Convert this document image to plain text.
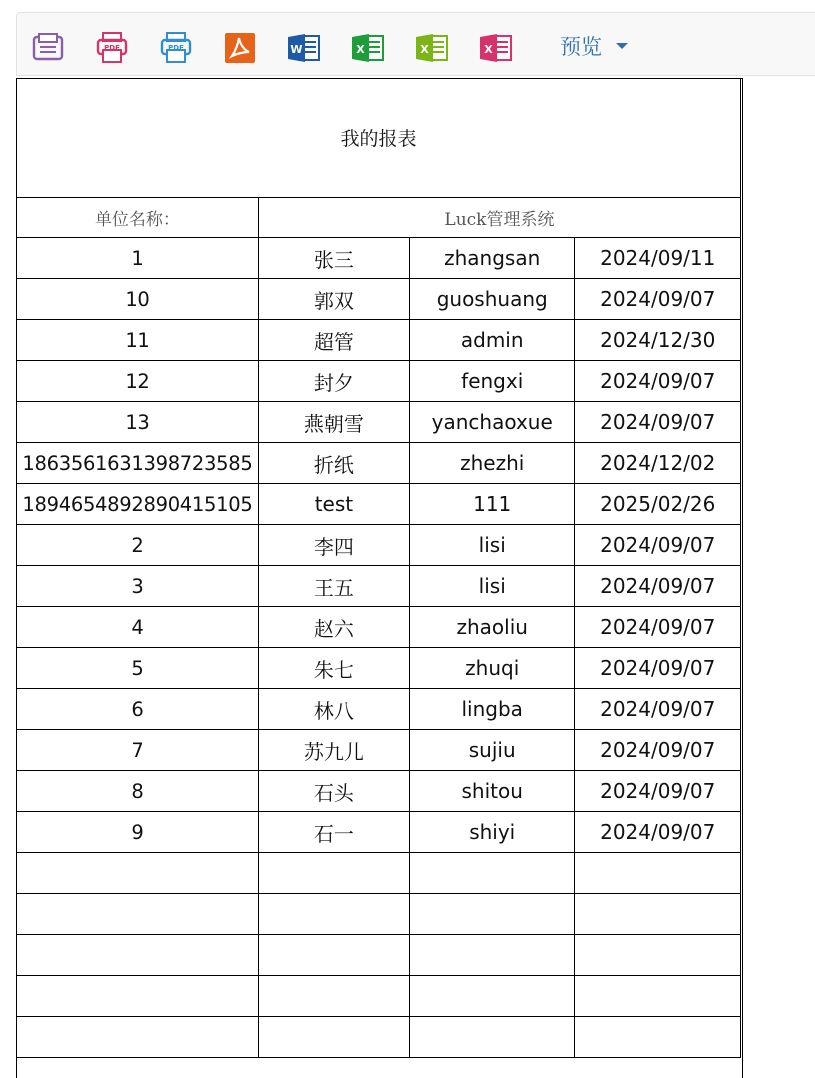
PDF	PDF	W	X	X	X	预览
我的报表			
单位名称：	Luck管理系统		
1	张三	zhangsan	2024/09/11
10	郭双	guoshuang	2024/09/07
11	超管	admin	2024/12/30
12	封夕	fengxi	2024/09/07
13	燕朝雪	yanchaoxue	2024/09/07
1863561631398723585	折纸	zhezhi	2024/12/02
1894654892890415105	test	111	2025/02/26
2	李四	lisi	2024/09/07
3	王五	lisi	2024/09/07
4	赵六	zhaoliu	2024/09/07
5	朱七	zhuqi	2024/09/07
6	林八	lingba	2024/09/07
7	苏九儿	sujiu	2024/09/07
8	石头	shitou	2024/09/07
9	石一	shiyi	2024/09/07
